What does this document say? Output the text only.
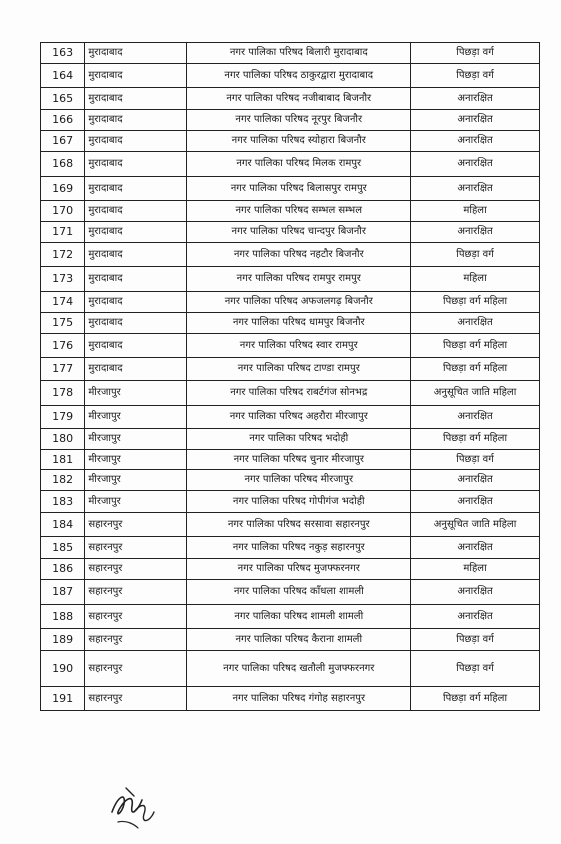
163	मुरादाबाद	नगर पालिका परिषद बिलारी मुरादाबाद	पिछड़ा वर्ग
164	मुरादाबाद	नगर पालिका परिषद ठाकुरद्वारा मुरादाबाद	पिछड़ा वर्ग
165	मुरादाबाद	नगर पालिका परिषद नजीबाबाद बिजनौर	अनारक्षित
166	मुरादाबाद	नगर पालिका परिषद नूरपुर बिजनौर	अनारक्षित
167	मुरादाबाद	नगर पालिका परिषद स्योहारा बिजनौर	अनारक्षित
168	मुरादाबाद	नगर पालिका परिषद मिलक रामपुर	अनारक्षित
169	मुरादाबाद	नगर पालिका परिषद बिलासपुर रामपुर	अनारक्षित
170	मुरादाबाद	नगर पालिका परिषद सम्भल सम्भल	महिला
171	मुरादाबाद	नगर पालिका परिषद चान्दपुर बिजनौर	अनारक्षित
172	मुरादाबाद	नगर पालिका परिषद नहटौर बिजनौर	पिछड़ा वर्ग
173	मुरादाबाद	नगर पालिका परिषद रामपुर रामपुर	महिला
174	मुरादाबाद	नगर पालिका परिषद अफजलगढ़ बिजनौर	पिछड़ा वर्ग महिला
175	मुरादाबाद	नगर पालिका परिषद धामपुर बिजनौर	अनारक्षित
176	मुरादाबाद	नगर पालिका परिषद स्वार रामपुर	पिछड़ा वर्ग महिला
177	मुरादाबाद	नगर पालिका परिषद टाण्डा रामपुर	पिछड़ा वर्ग महिला
178	मीरजापुर	नगर पालिका परिषद राबर्टगंज सोनभद्र	अनुसूचित जाति महिला
179	मीरजापुर	नगर पालिका परिषद अहरौरा मीरजापुर	अनारक्षित
180	मीरजापुर	नगर पालिका परिषद भदोही	पिछड़ा वर्ग महिला
181	मीरजापुर	नगर पालिका परिषद चुनार मीरजापुर	पिछड़ा वर्ग
182	मीरजापुर	नगर पालिका परिषद मीरजापुर	अनारक्षित
183	मीरजापुर	नगर पालिका परिषद गोपीगंज भदोही	अनारक्षित
184	सहारनपुर	नगर पालिका परिषद सरसावा सहारनपुर	अनुसूचित जाति महिला
185	सहारनपुर	नगर पालिका परिषद नकुड़ सहारनपुर	अनारक्षित
186	सहारनपुर	नगर पालिका परिषद मुजफ्फरनगर	महिला
187	सहारनपुर	नगर पालिका परिषद काँधला शामली	अनारक्षित
188	सहारनपुर	नगर पालिका परिषद शामली शामली	अनारक्षित
189	सहारनपुर	नगर पालिका परिषद कैराना शामली	पिछड़ा वर्ग
190	सहारनपुर	नगर पालिका परिषद खतौली मुजफ्फरनगर	पिछड़ा वर्ग
191	सहारनपुर	नगर पालिका परिषद गंगोह सहारनपुर	पिछड़ा वर्ग महिला
